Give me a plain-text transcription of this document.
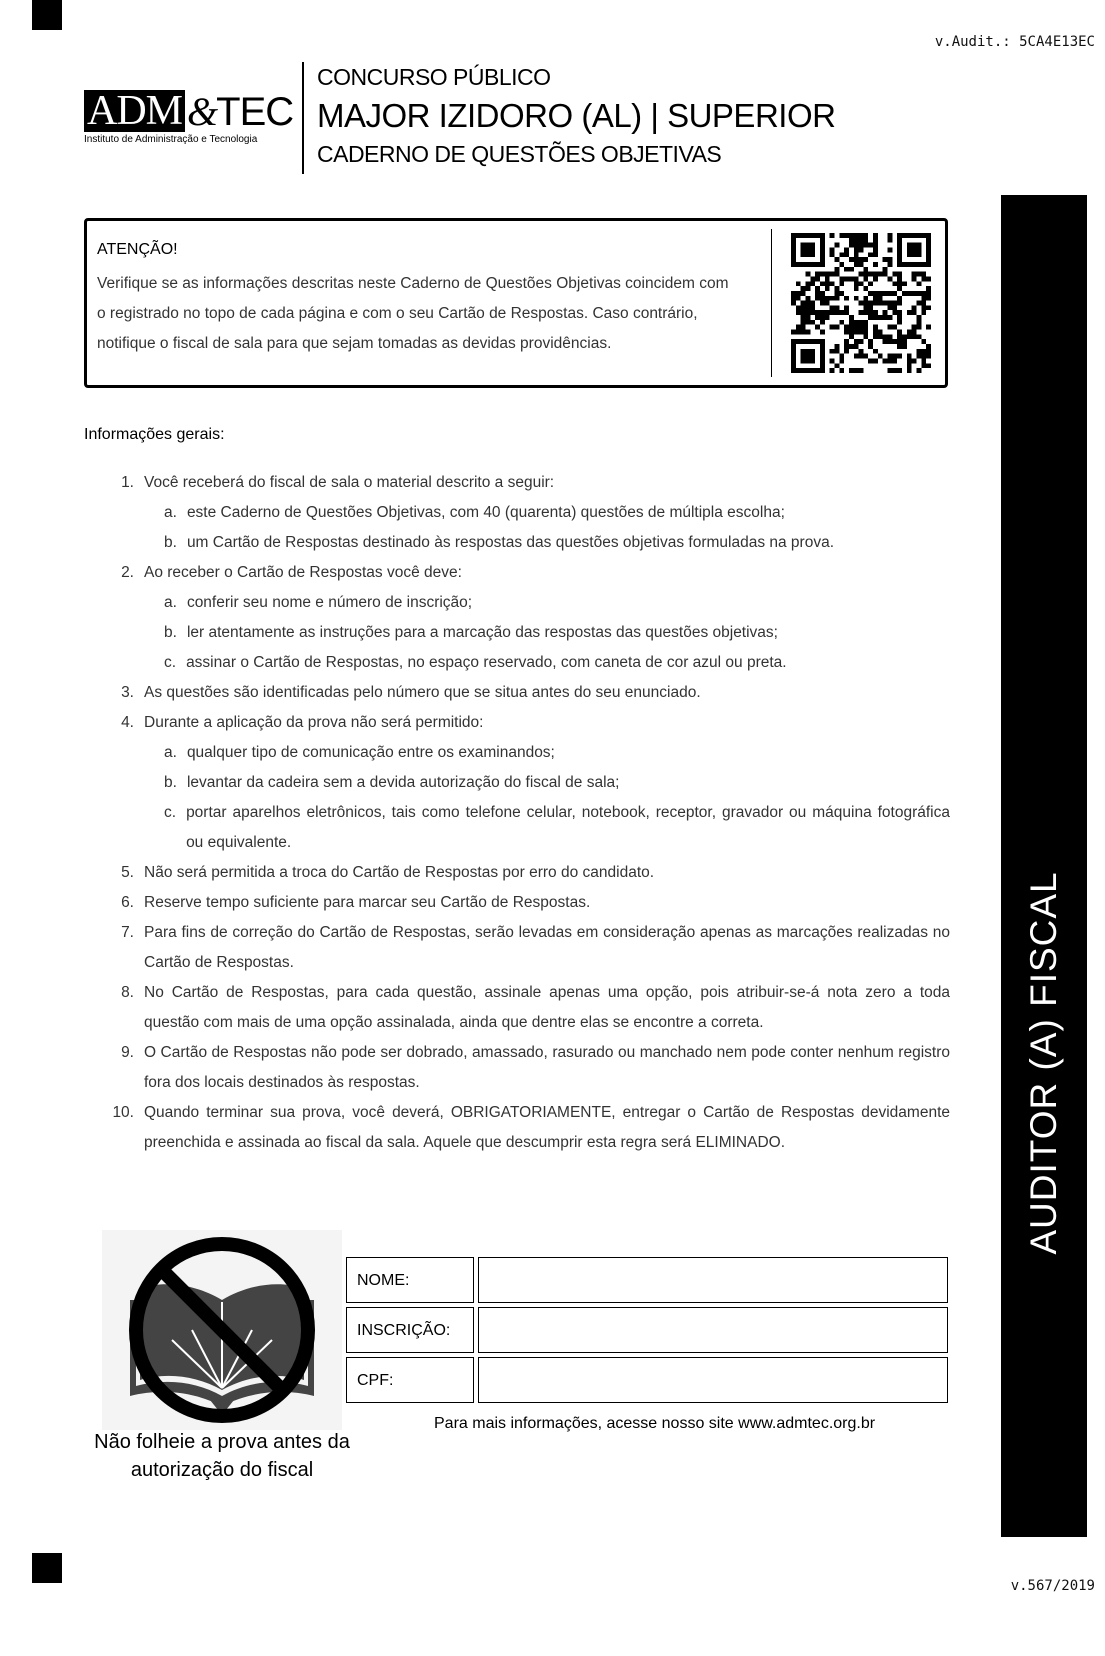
v.Audit.: 5CA4E13EC
ADM &
TEC
Instituto de Administração e Tecnologia
CONCURSO PÚBLICO
MAJOR IZIDORO (AL) | SUPERIOR
CADERNO DE QUESTÕES OBJETIVAS
AUDITOR (A) FISCAL
ATENÇÃO!
Verifique se as informações descritas neste Caderno de Questões Objetivas coincidem com o registrado no topo de cada página e com o seu Cartão de Respostas. Caso contrário, notifique o fiscal de sala para que sejam tomadas as devidas providências.
Informações gerais:
1. Você receberá do fiscal de sala o material descrito a seguir:
a. este Caderno de Questões Objetivas, com 40 (quarenta) questões de múltipla escolha;
b. um Cartão de Respostas destinado às respostas das questões objetivas formuladas na prova.
2. Ao receber o Cartão de Respostas você deve:
a. conferir seu nome e número de inscrição;
b. ler atentamente as instruções para a marcação das respostas das questões objetivas;
c. assinar o Cartão de Respostas, no espaço reservado, com caneta de cor azul ou preta.
3. As questões são identificadas pelo número que se situa antes do seu enunciado.
4. Durante a aplicação da prova não será permitido:
a. qualquer tipo de comunicação entre os examinandos;
b. levantar da cadeira sem a devida autorização do fiscal de sala;
c. portar aparelhos eletrônicos, tais como telefone celular, notebook, receptor, gravador ou máquina fotográfica ou equivalente.
5. Não será permitida a troca do Cartão de Respostas por erro do candidato.
6. Reserve tempo suficiente para marcar seu Cartão de Respostas.
7. Para fins de correção do Cartão de Respostas, serão levadas em consideração apenas as marcações realizadas no Cartão de Respostas.
8. No Cartão de Respostas, para cada questão, assinale apenas uma opção, pois atribuir-se-á nota zero a toda questão com mais de uma opção assinalada, ainda que dentre elas se encontre a correta.
9. O Cartão de Respostas não pode ser dobrado, amassado, rasurado ou manchado nem pode conter nenhum registro fora dos locais destinados às respostas.
10. Quando terminar sua prova, você deverá, OBRIGATORIAMENTE, entregar o Cartão de Respostas devidamente preenchida e assinada ao fiscal da sala. Aquele que descumprir esta regra será ELIMINADO.
Não folheie a prova antes da autorização do fiscal
NOME:
INSCRIÇÃO:
CPF:
Para mais informações, acesse nosso site www.admtec.org.br
v.567/2019
